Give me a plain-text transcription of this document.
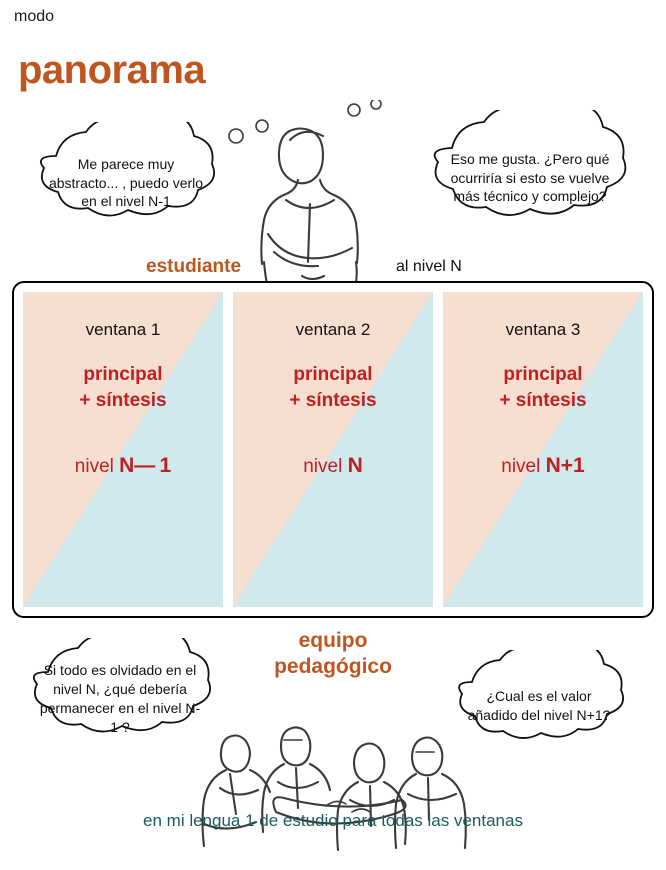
modo
panorama
Me parece muy abstracto... , puedo verlo en el nivel N-1
Eso me gusta. ¿Pero qué ocurriría si esto se vuelve más técnico y complejo?
estudiante	al nivel N
ventana 1
principal
+ síntesis
nivel N— 1
ventana 2
principal
+ síntesis
nivel N
ventana 3
principal
+ síntesis
nivel N+1
en mi lengua 1 de estudio para todas las ventanas
equipo
pedagógico
Si todo es olvidado en el nivel N, ¿qué debería permanecer en el nivel N-1 ?
¿Cual es el valor añadido del nivel N+1?
